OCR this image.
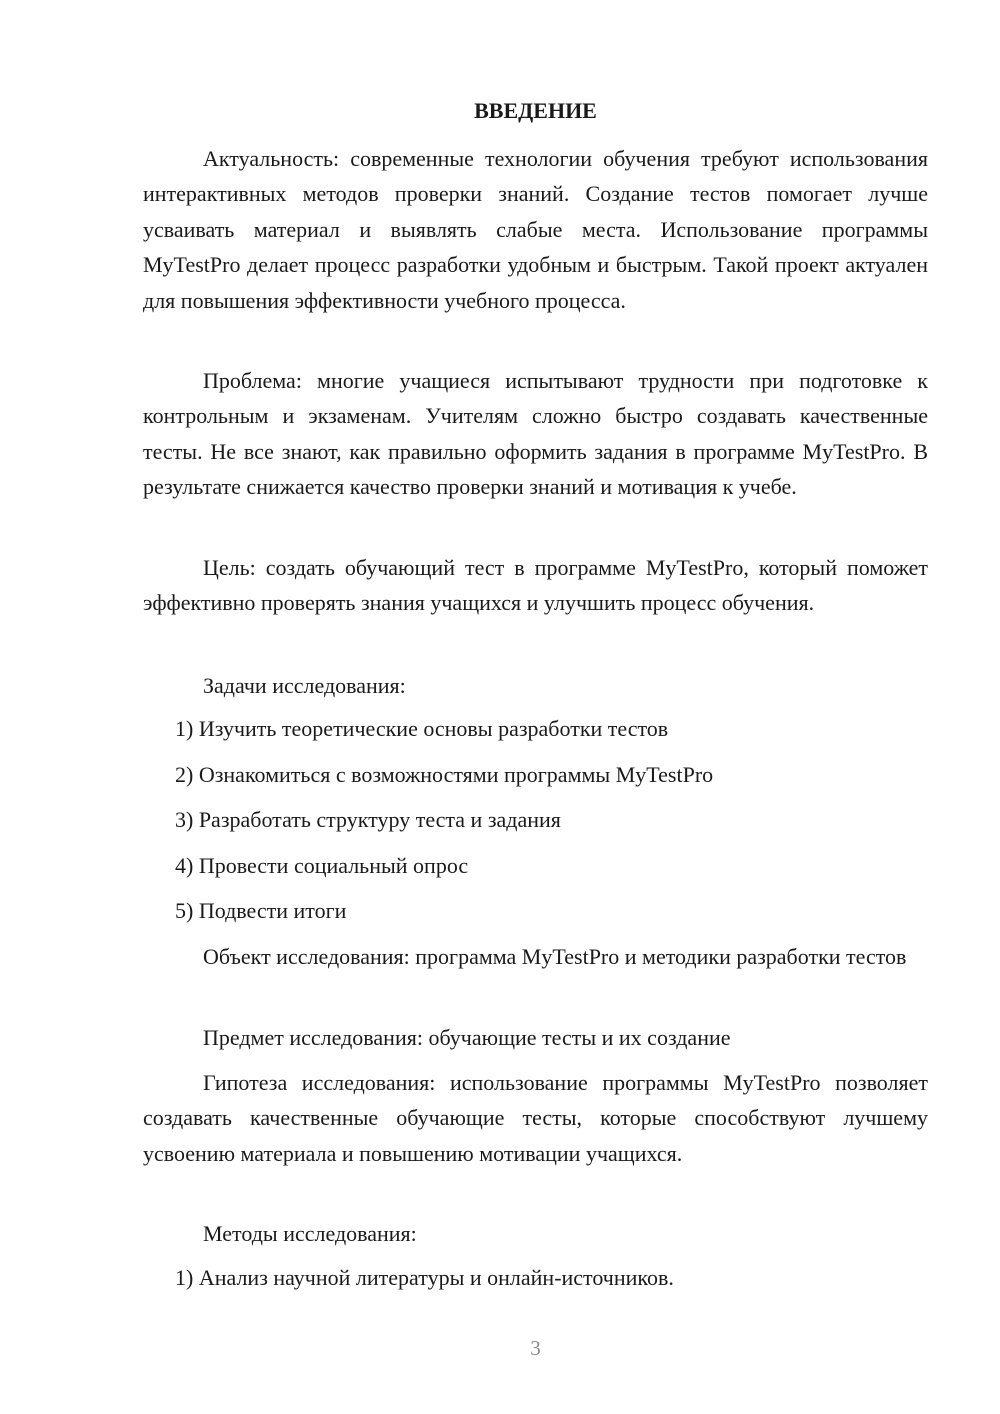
ВВЕДЕНИЕ

Актуальность: современные технологии обучения требуют использования интерактивных методов проверки знаний. Создание тестов помогает лучше усваивать материал и выявлять слабые места. Использование программы MyTestPro делает процесс разработки удобным и быстрым. Такой проект актуален для повышения эффективности учебного процесса.

Проблема: многие учащиеся испытывают трудности при подготовке к контрольным и экзаменам. Учителям сложно быстро создавать качественные тесты. Не все знают, как правильно оформить задания в программе MyTestPro. В результате снижается качество проверки знаний и мотивация к учебе.

Цель: создать обучающий тест в программе MyTestPro, который поможет эффективно проверять знания учащихся и улучшить процесс обучения.

Задачи исследования:

1) Изучить теоретические основы разработки тестов

2) Ознакомиться с возможностями программы MyTestPro

3) Разработать структуру теста и задания

4) Провести социальный опрос

5) Подвести итоги

Объект исследования: программа MyTestPro и методики разработки тестов

Предмет исследования: обучающие тесты и их создание

Гипотеза исследования: использование программы MyTestPro позволяет создавать качественные обучающие тесты, которые способствуют лучшему усвоению материала и повышению мотивации учащихся.

Методы исследования:

1) Анализ научной литературы и онлайн-источников.

3
